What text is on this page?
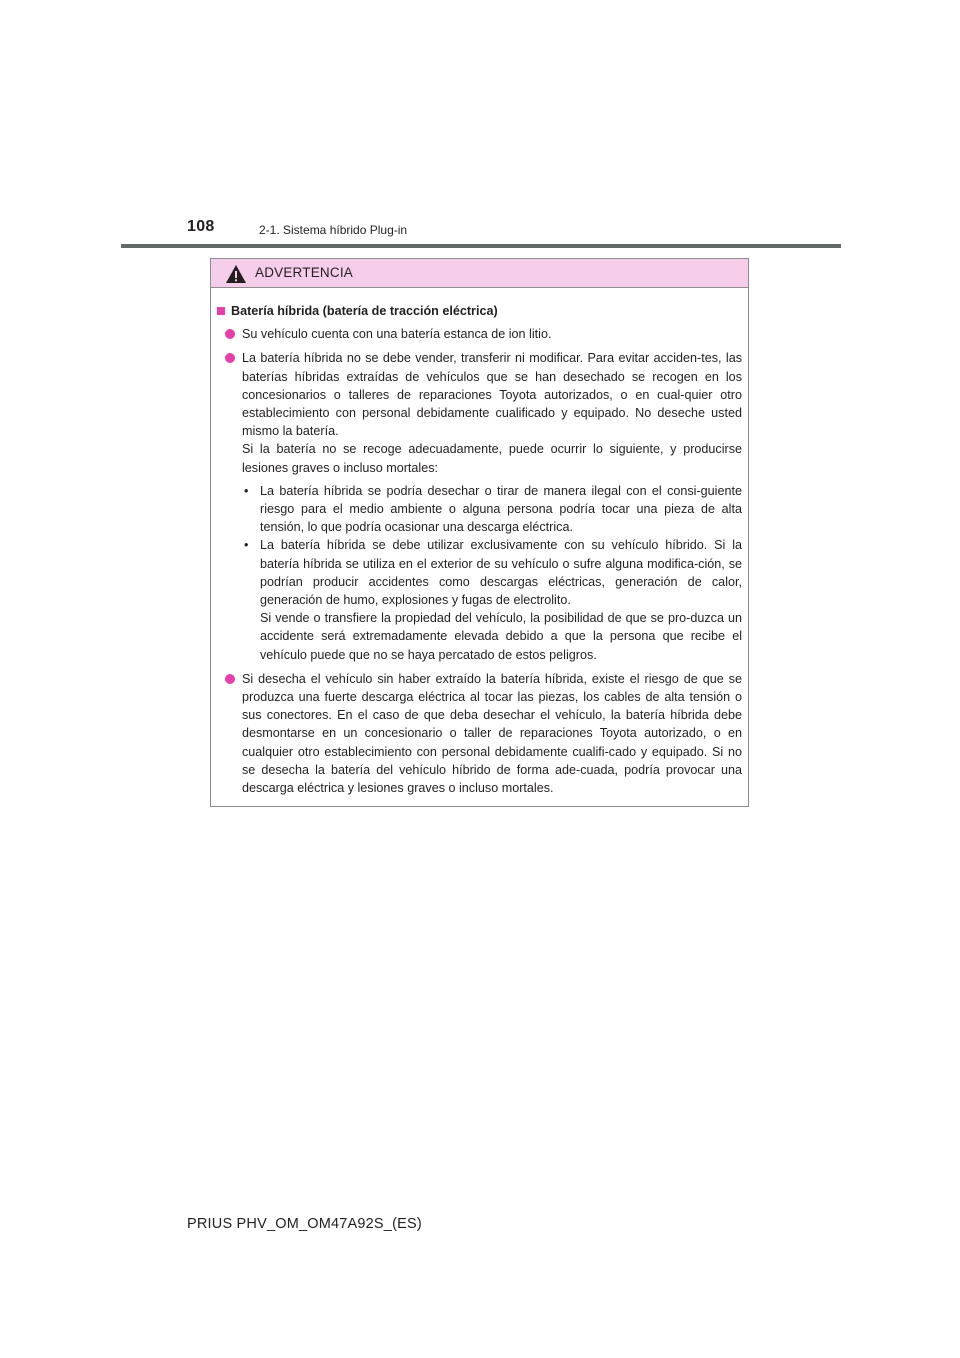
108	2-1. Sistema híbrido Plug-in
ADVERTENCIA
Batería híbrida (batería de tracción eléctrica)
Su vehículo cuenta con una batería estanca de ion litio.

La batería híbrida no se debe vender, transferir ni modificar. Para evitar acciden-tes, las baterías híbridas extraídas de vehículos que se han desechado se recogen en los concesionarios o talleres de reparaciones Toyota autorizados, o en cual-quier otro establecimiento con personal debidamente cualificado y equipado. No deseche usted mismo la batería.

Si la batería no se recoge adecuadamente, puede ocurrir lo siguiente, y producirse lesiones graves o incluso mortales:

• La batería híbrida se podría desechar o tirar de manera ilegal con el consi-guiente riesgo para el medio ambiente o alguna persona podría tocar una pieza de alta tensión, lo que podría ocasionar una descarga eléctrica.
• La batería híbrida se debe utilizar exclusivamente con su vehículo híbrido. Si la batería híbrida se utiliza en el exterior de su vehículo o sufre alguna modifica-ción, se podrían producir accidentes como descargas eléctricas, generación de calor, generación de humo, explosiones y fugas de electrolito.

Si vende o transfiere la propiedad del vehículo, la posibilidad de que se pro-duzca un accidente será extremadamente elevada debido a que la persona que recibe el vehículo puede que no se haya percatado de estos peligros.

Si desecha el vehículo sin haber extraído la batería híbrida, existe el riesgo de que se produzca una fuerte descarga eléctrica al tocar las piezas, los cables de alta tensión o sus conectores. En el caso de que deba desechar el vehículo, la batería híbrida debe desmontarse en un concesionario o taller de reparaciones Toyota autorizado, o en cualquier otro establecimiento con personal debidamente cualifi-cado y equipado. Si no se desecha la batería del vehículo híbrido de forma ade-cuada, podría provocar una descarga eléctrica y lesiones graves o incluso mortales.
PRIUS PHV_OM_OM47A92S_(ES)
